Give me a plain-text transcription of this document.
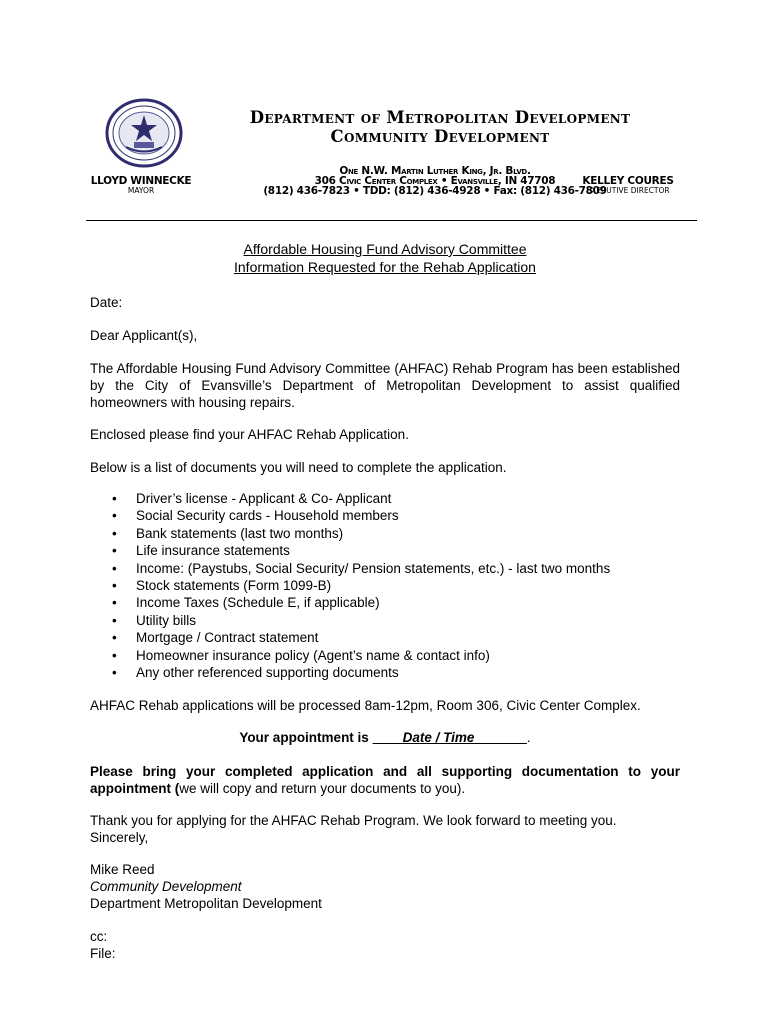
Department of Metropolitan Development
Community Development
One N.W. Martin Luther King, Jr. Blvd.
306 Civic Center Complex • Evansville, IN 47708
(812) 436-7823 • TDD: (812) 436-4928 • Fax: (812) 436-7809
LLOYD WINNECKE
MAYOR
KELLEY COURES
EXECUTIVE DIRECTOR
Affordable Housing Fund Advisory Committee
Information Requested for the Rehab Application
Date:
Dear Applicant(s),
The Affordable Housing Fund Advisory Committee (AHFAC) Rehab Program has been established by the City of Evansville’s Department of Metropolitan Development to assist qualified homeowners with housing repairs.
Enclosed please find your AHFAC Rehab Application.
Below is a list of documents you will need to complete the application.
• Driver’s license - Applicant & Co- Applicant
• Social Security cards - Household members
• Bank statements (last two months)
• Life insurance statements
• Income: (Paystubs, Social Security/ Pension statements, etc.) - last two months
• Stock statements (Form 1099-B)
• Income Taxes (Schedule E, if applicable)
• Utility bills
• Mortgage / Contract statement
• Homeowner insurance policy (Agent’s name & contact info)
• Any other referenced supporting documents
AHFAC Rehab applications will be processed 8am-12pm, Room 306, Civic Center Complex.
Your appointment is	Date / Time	.
Please bring your completed application and all supporting documentation to your appointment (we will copy and return your documents to you).
Thank you for applying for the AHFAC Rehab Program. We look forward to meeting you.
Sincerely,
Mike Reed
Community Development
Department Metropolitan Development
cc:
File:
